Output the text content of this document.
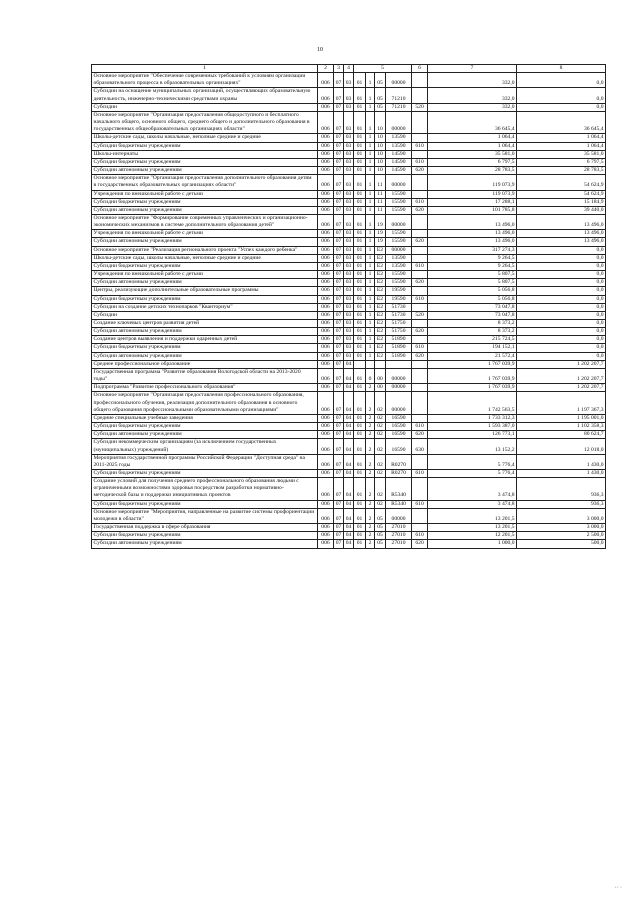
10
1	2	3	4	5				6	7	8
Основное мероприятие "Обеспечение современных требований к условиям организации образовательного процесса в образовательных организациях"	006	07	03	01	1	05	00000		332,0	0,0
Субсидии на оснащение муниципальных организаций, осуществляющих образовательную деятельность, инженерно-техническими средствами охраны	006	07	03	01	1	05	71210		332,0	0,0
Субсидии	006	07	03	01	1	05	71210	520	332,0	0,0
Основное мероприятие "Организация предоставления общедоступного и бесплатного начального общего, основного общего, среднего общего и дополнительного образования в государственных общеобразовательных организациях области"	006	07	03	01	1	10	00000		36 645,4	36 645,4
Школы-детские сады, школы начальные, неполные средние и средние	006	07	03	01	1	10	13590		1 064,4	1 064,4
Субсидии бюджетным учреждениям	006	07	03	01	1	10	13590	610	1 064,4	1 064,4
Школы-интернаты	006	07	03	01	1	10	14590		35 581,0	35 581,0
Субсидии бюджетным учреждениям	006	07	03	01	1	10	14590	610	6 797,5	6 797,5
Субсидии автономным учреждениям	006	07	03	01	1	10	14590	620	28 783,5	28 783,5
Основное мероприятие "Организация предоставления дополнительного образования детям в государственных образовательных организациях области"	006	07	03	01	1	11	00000		119 073,9	54 624,9
Учреждения по внешкольной работе с детьми	006	07	03	01	1	11	15590		119 073,9	54 624,9
Субсидии бюджетным учреждениям	006	07	03	01	1	11	15590	610	17 288,1	15 184,9
Субсидии автономным учреждениям	006	07	03	01	1	11	15590	620	101 785,8	39 440,0
Основное мероприятие "Формирование современных управленческих и организационно-экономических механизмов в системе дополнительного образования детей"	006	07	03	01	1	19	00000		13 496,0	13 496,0
Учреждения по внешкольной работе с детьми	006	07	03	01	1	19	15590		13 496,0	13 496,0
Субсидии автономным учреждениям	006	07	03	01	1	19	15590	620	13 496,0	13 496,0
Основное мероприятие "Реализация регионального проекта "Успех каждого ребенка"	006	07	03	01	1	E2	00000		317 274,3	0,0
Школы-детские сады, школы начальные, неполные средние и средние	006	07	03	01	1	E2	13590		9 264,5	0,0
Субсидии бюджетным учреждениям	006	07	03	01	1	E2	13590	610	9 264,5	0,0
Учреждения по внешкольной работе с детьми	006	07	03	01	1	E2	15590		5 807,5	0,0
Субсидии автономным учреждениям	006	07	03	01	1	E2	15590	620	5 807,5	0,0
Центры, реализующие дополнительные образовательные программы	006	07	03	01	1	E2	19590		5 056,8	0,0
Субсидии бюджетным учреждениям	006	07	03	01	1	E2	19590	610	5 056,8	0,0
Субсидии на создание детских технопарков "Кванториум"	006	07	03	01	1	E2	51730		73 047,8	0,0
Субсидии	006	07	03	01	1	E2	51730	520	73 047,8	0,0
Создание ключевых центров развития детей	006	07	03	01	1	E2	51750		8 373,2	0,0
Субсидии автономным учреждениям	006	07	03	01	1	E2	51750	620	8 373,2	0,0
Создание центров выявления и поддержки одаренных детей	006	07	03	01	1	E2	51890		215 724,5	0,0
Субсидии бюджетным учреждениям	006	07	03	01	1	E2	51890	610	194 152,1	0,0
Субсидии автономным учреждениям	006	07	03	01	1	E2	51890	620	21 572,4	0,0
Среднее профессиональное образование	006	07	04						1 767 039,9	1 202 207,7
Государственная программа "Развитие образования Вологодской области на 2013-2020 годы"	006	07	04	01	0	00	00000		1 767 039,9	1 202 207,7
Подпрограмма "Развитие профессионального образования"	006	07	04	01	2	00	00000		1 767 039,9	1 202 207,7
Основное мероприятие "Организация предоставления профессионального образования, профессионального обучения, реализация дополнительного образования в основного общего образования профессиональными образовательными организациями"	006	07	04	01	2	02	00000		1 742 563,5	1 197 367,3
Средние специальные учебные заведения	006	07	04	01	2	02	16590		1 733 312,3	1 195 001,0
Субсидии бюджетным учреждениям	006	07	04	01	2	02	16590	610	1 593 387,0	1 102 358,3
Субсидии автономным учреждениям	006	07	04	01	2	02	16590	620	126 773,1	80 624,7
Субсидии некоммерческим организациям (за исключением государственных (муниципальных) учреждений)	006	07	04	01	2	02	16590	630	13 152,2	12 018,0
Мероприятия государственной программы Российской Федерации "Доступная среда" на 2011-2025 годы	006	07	04	01	2	02	R0270		5 776,4	1 430,0
Субсидии бюджетным учреждениям	006	07	04	01	2	02	R0270	610	5 776,4	1 430,0
Создание условий для получения среднего профессионального образования людьми с ограниченными возможностями здоровья посредством разработки нормативно-методической базы и поддержки инициативных проектов	006	07	04	01	2	02	R5340		3 474,8	936,3
Субсидии бюджетным учреждениям	006	07	04	01	2	02	R5340	610	3 474,8	936,3
Основное мероприятие "Мероприятия, направленные на развитие системы профориентации молодежи в области"	006	07	04	01	2	05	00000		13 201,5	3 000,0
Государственная поддержка в сфере образования	006	07	04	01	2	05	27010		13 201,5	3 000,0
Субсидии бюджетным учреждениям	006	07	04	01	2	05	27010	610	12 201,5	2 500,0
Субсидии автономным учреждениям	006	07	04	01	2	05	27010	620	1 000,0	500,0
·· ·
